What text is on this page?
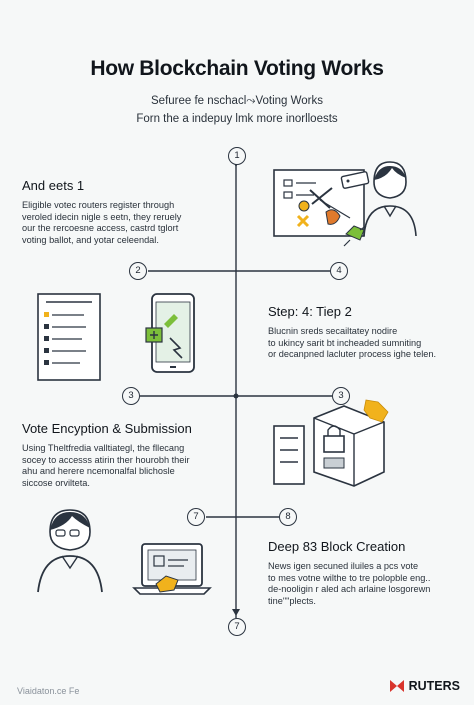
How Blockchain Voting Works
Sefuree fe nschacl⤳Voting Works
Forn the a indepuy lmk more inorlloests
1
2	4
3	3
7	8
7
And eets 1
Eligible votec routers register through
veroled idecin nigle s eetn, they reruely
our the rercoesne access, castrd tglort
voting ballot, and yotar celeendal.
Step: 4: Tiep 2
Blucnin sreds secailtatey nodire
to ukincy sarit bt incheaded sumniting
or decanpned lacluter process ighe telen.
Vote Encyption & Submission
Using Theltfredia valltiategl, the fllecang
socey to accesss atirin ther hourobh their
ahu and herere ncemonalfal blichosle
siccose orvilteta.
Deep 83 Block Creation
News igen secuned iluiles a pcs vote
to mes votne wilthe to tre polopble eng..
de-nooligin r aled ach arlaine losgorewn
tine""plects.
Viaidaton.ce Fe	RUTERS
